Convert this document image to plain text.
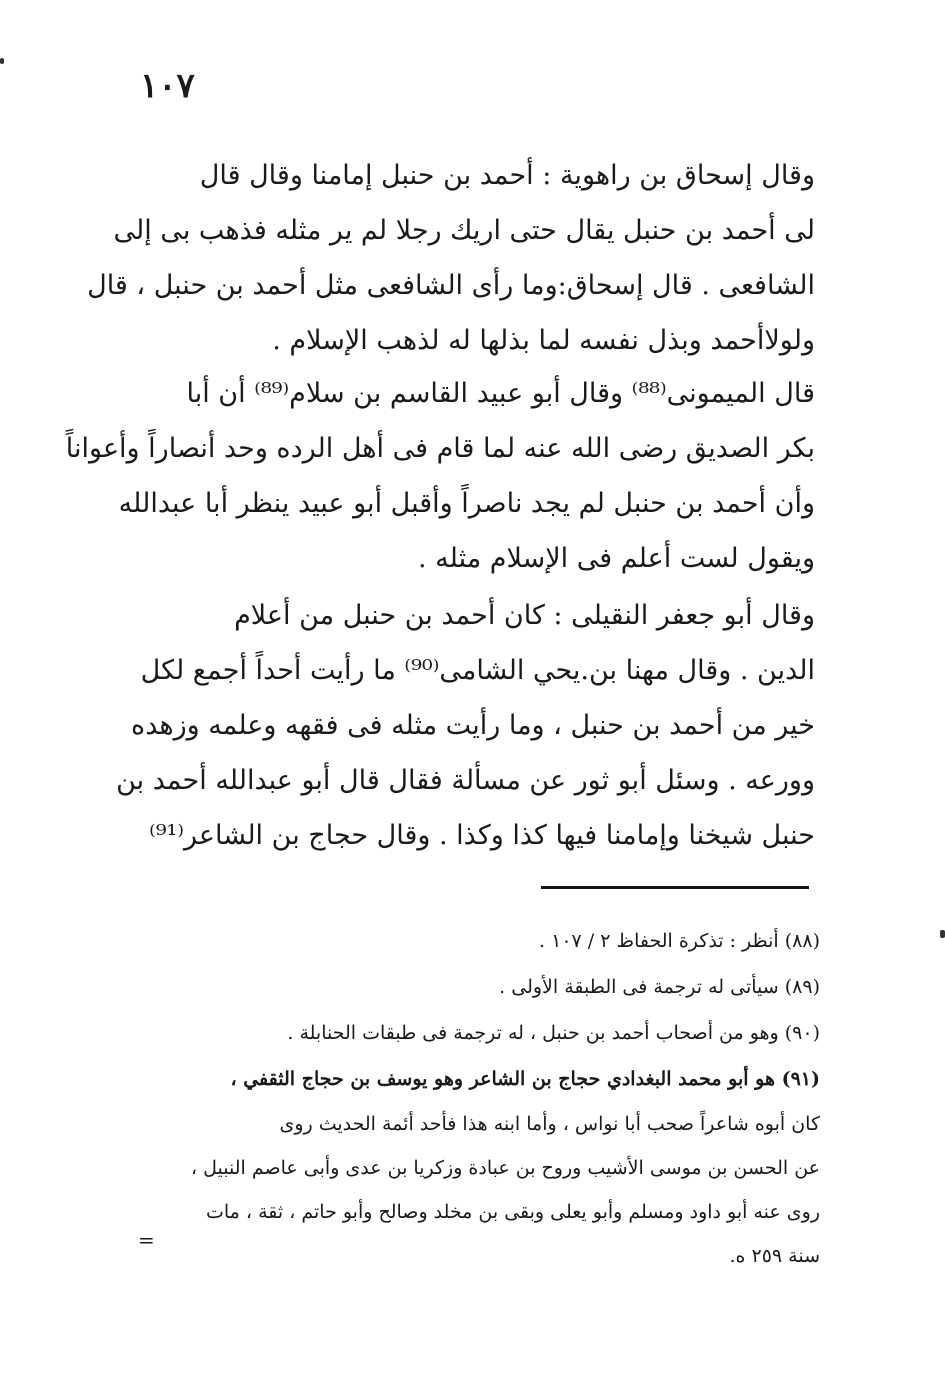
١٠٧
وقال إسحاق بن راهوية : أحمد بن حنبل إمامنا وقال قال
لى أحمد بن حنبل يقال حتى اريك رجلا لم ير مثله فذهب بى إلى
الشافعى . قال إسحاق:وما رأى الشافعى مثل أحمد بن حنبل ، قال
ولولاأحمد وبذل نفسه لما بذلها له لذهب الإسلام .
قال الميمونى⁽⁸⁸⁾ وقال أبو عبيد القاسم بن سلام⁽⁸⁹⁾ أن أبا
بكر الصديق رضى الله عنه لما قام فى أهل الرده وحد أنصاراً وأعواناً
وأن أحمد بن حنبل لم يجد ناصراً وأقبل أبو عبيد ينظر أبا عبدالله
ويقول لست أعلم فى الإسلام مثله .
وقال أبو جعفر النقيلى : كان أحمد بن حنبل من أعلام
الدين . وقال مهنا بن.يحي الشامى⁽⁹⁰⁾ ما رأيت أحداً أجمع لكل
خير من أحمد بن حنبل ، وما رأيت مثله فى فقهه وعلمه وزهده
وورعه . وسئل أبو ثور عن مسألة فقال قال أبو عبدالله أحمد بن
حنبل شيخنا وإمامنا فيها كذا وكذا . وقال حجاج بن الشاعر⁽⁹¹⁾
(٨٨) أنظر : تذكرة الحفاظ ٢ / ١٠٧ .
(٨٩) سيأتى له ترجمة فى الطبقة الأولى .
(٩٠) وهو من أصحاب أحمد بن حنبل ، له ترجمة فى طبقات الحنابلة .
(٩١) هو أبو محمد البغدادي حجاج بن الشاعر وهو يوسف بن حجاج الثقفي ،
كان أبوه شاعراً صحب أبا نواس ، وأما ابنه هذا فأحد أئمة الحديث روى
عن الحسن بن موسى الأشيب وروح بن عبادة وزكريا بن عدى وأبى عاصم النبيل ،
روى عنه أبو داود ومسلم وأبو يعلى وبقى بن مخلد وصالح وأبو حاتم ، ثقة ، مات
سنة ٢٥٩ ه.
=
